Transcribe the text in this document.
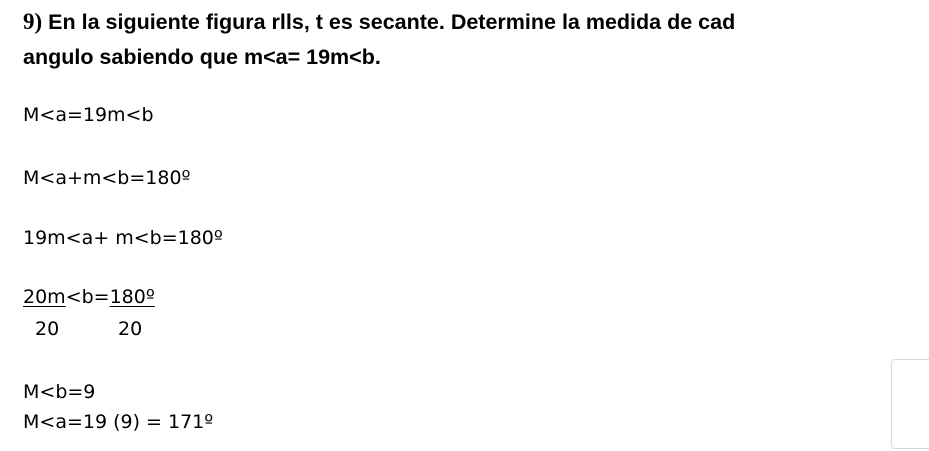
9) En la siguiente figura rlls, t es secante. Determine la medida de cad
angulo sabiendo que m<a= 19m<b.
M<a=19m<b
M<a+m<b=180º
19m<a+ m<b=180º
20m<b=180º
20	20
M<b=9
M<a=19 (9) = 171º
